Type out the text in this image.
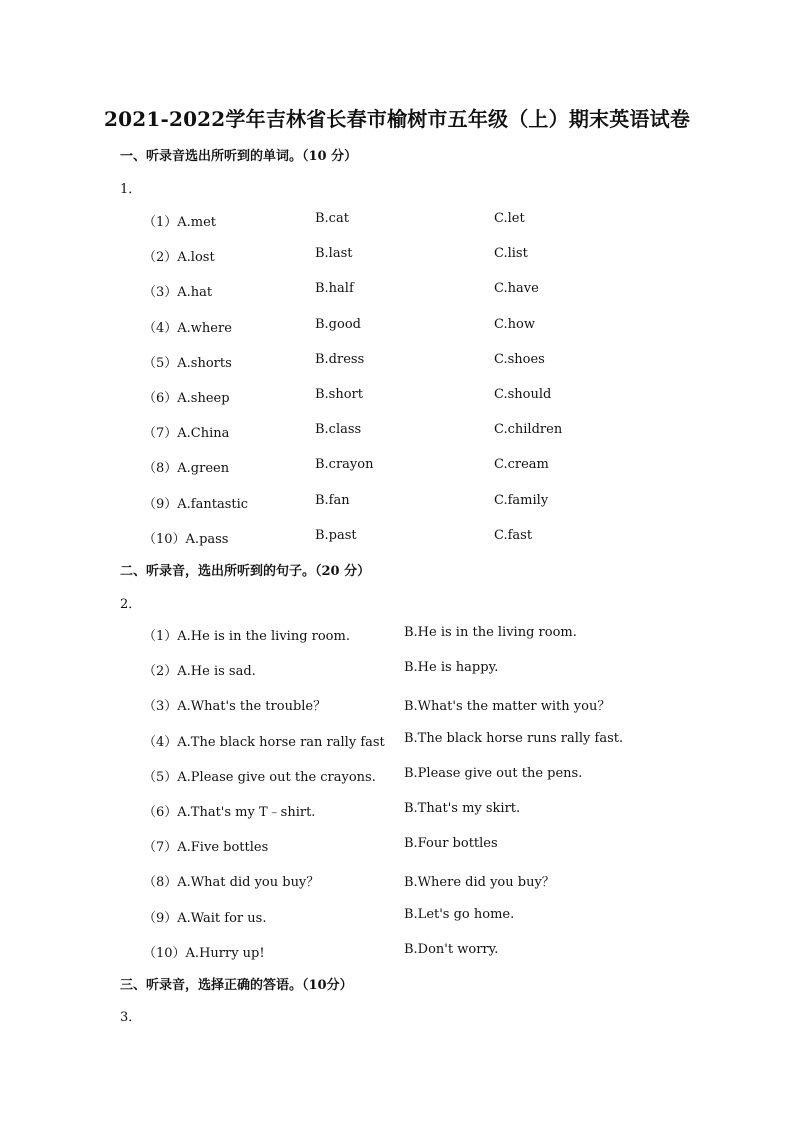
2021-2022学年吉林省长春市榆树市五年级（上）期末英语试卷
一、听录音选出所听到的单词。（10 分）
1．
（1）A.met	B.cat	C.let
（2）A.lost	B.last	C.list
（3）A.hat	B.half	C.have
（4）A.where	B.good	C.how
（5）A.shorts	B.dress	C.shoes
（6）A.sheep	B.short	C.should
（7）A.China	B.class	C.children
（8）A.green	B.crayon	C.cream
（9）A.fantastic	B.fan	C.family
（10）A.pass	B.past	C.fast
二、听录音，选出所听到的句子。（20 分）
2．
（1）A.He is in the living room.	B.He is in the living room.
（2）A.He is sad.	B.He is happy.
（3）A.What's the trouble？	B.What's the matter with you？
（4）A.The black horse ran rally fast B.The black horse runs rally fast.
（5）A.Please give out the crayons. B.Please give out the pens.
（6）A.That's my T﹣shirt.	B.That's my skirt.
（7）A.Five bottles	B.Four bottles
（8）A.What did you buy？	B.Where did you buy？
（9）A.Wait for us.	B.Let's go home.
（10）A.Hurry up!	B.Don't worry.
三、听录音，选择正确的答语。（10分）
3．
